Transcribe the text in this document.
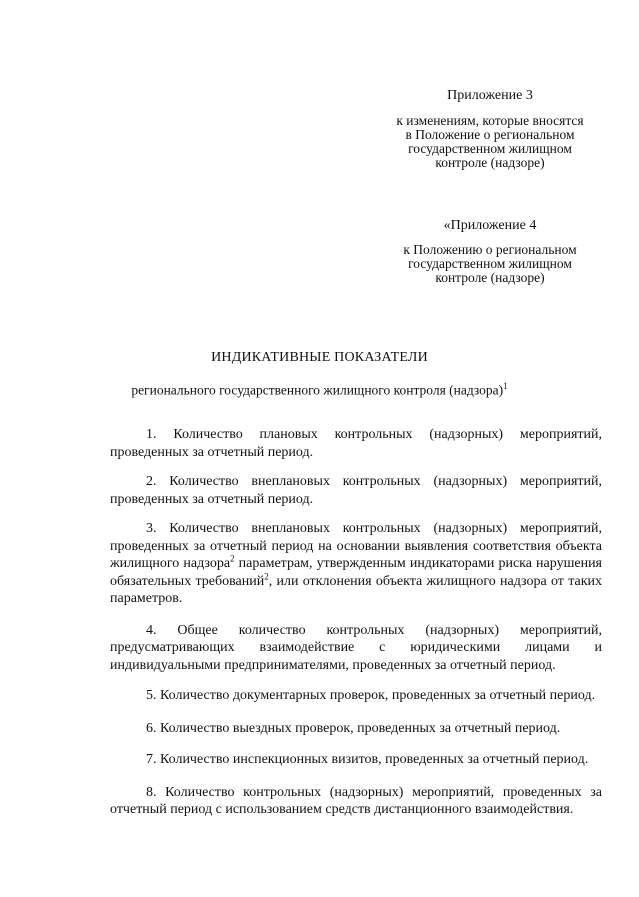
Приложение 3
к изменениям, которые вносятся
в Положение о региональном
государственном жилищном
контроле (надзоре)
«Приложение 4
к Положению о региональном
государственном жилищном
контроле (надзоре)
ИНДИКАТИВНЫЕ ПОКАЗАТЕЛИ
регионального государственного жилищного контроля (надзора)$^1$

1. Количество плановых контрольных (надзорных) мероприятий, проведенных за отчетный период.

2. Количество внеплановых контрольных (надзорных) мероприятий, проведенных за отчетный период.

3. Количество внеплановых контрольных (надзорных) мероприятий, проведенных за отчетный период на основании выявления соответствия объекта жилищного надзора$^2$ параметрам, утвержденным индикаторами риска нарушения обязательных требований$^2$, или отклонения объекта жилищного надзора от таких параметров.

4. Общее количество контрольных (надзорных) мероприятий, предусматривающих взаимодействие с юридическими лицами и индивидуальными предпринимателями, проведенных за отчетный период.

5. Количество документарных проверок, проведенных за отчетный период.

6. Количество выездных проверок, проведенных за отчетный период.

7. Количество инспекционных визитов, проведенных за отчетный период.

8. Количество контрольных (надзорных) мероприятий, проведенных за отчетный период с использованием средств дистанционного взаимодействия.
